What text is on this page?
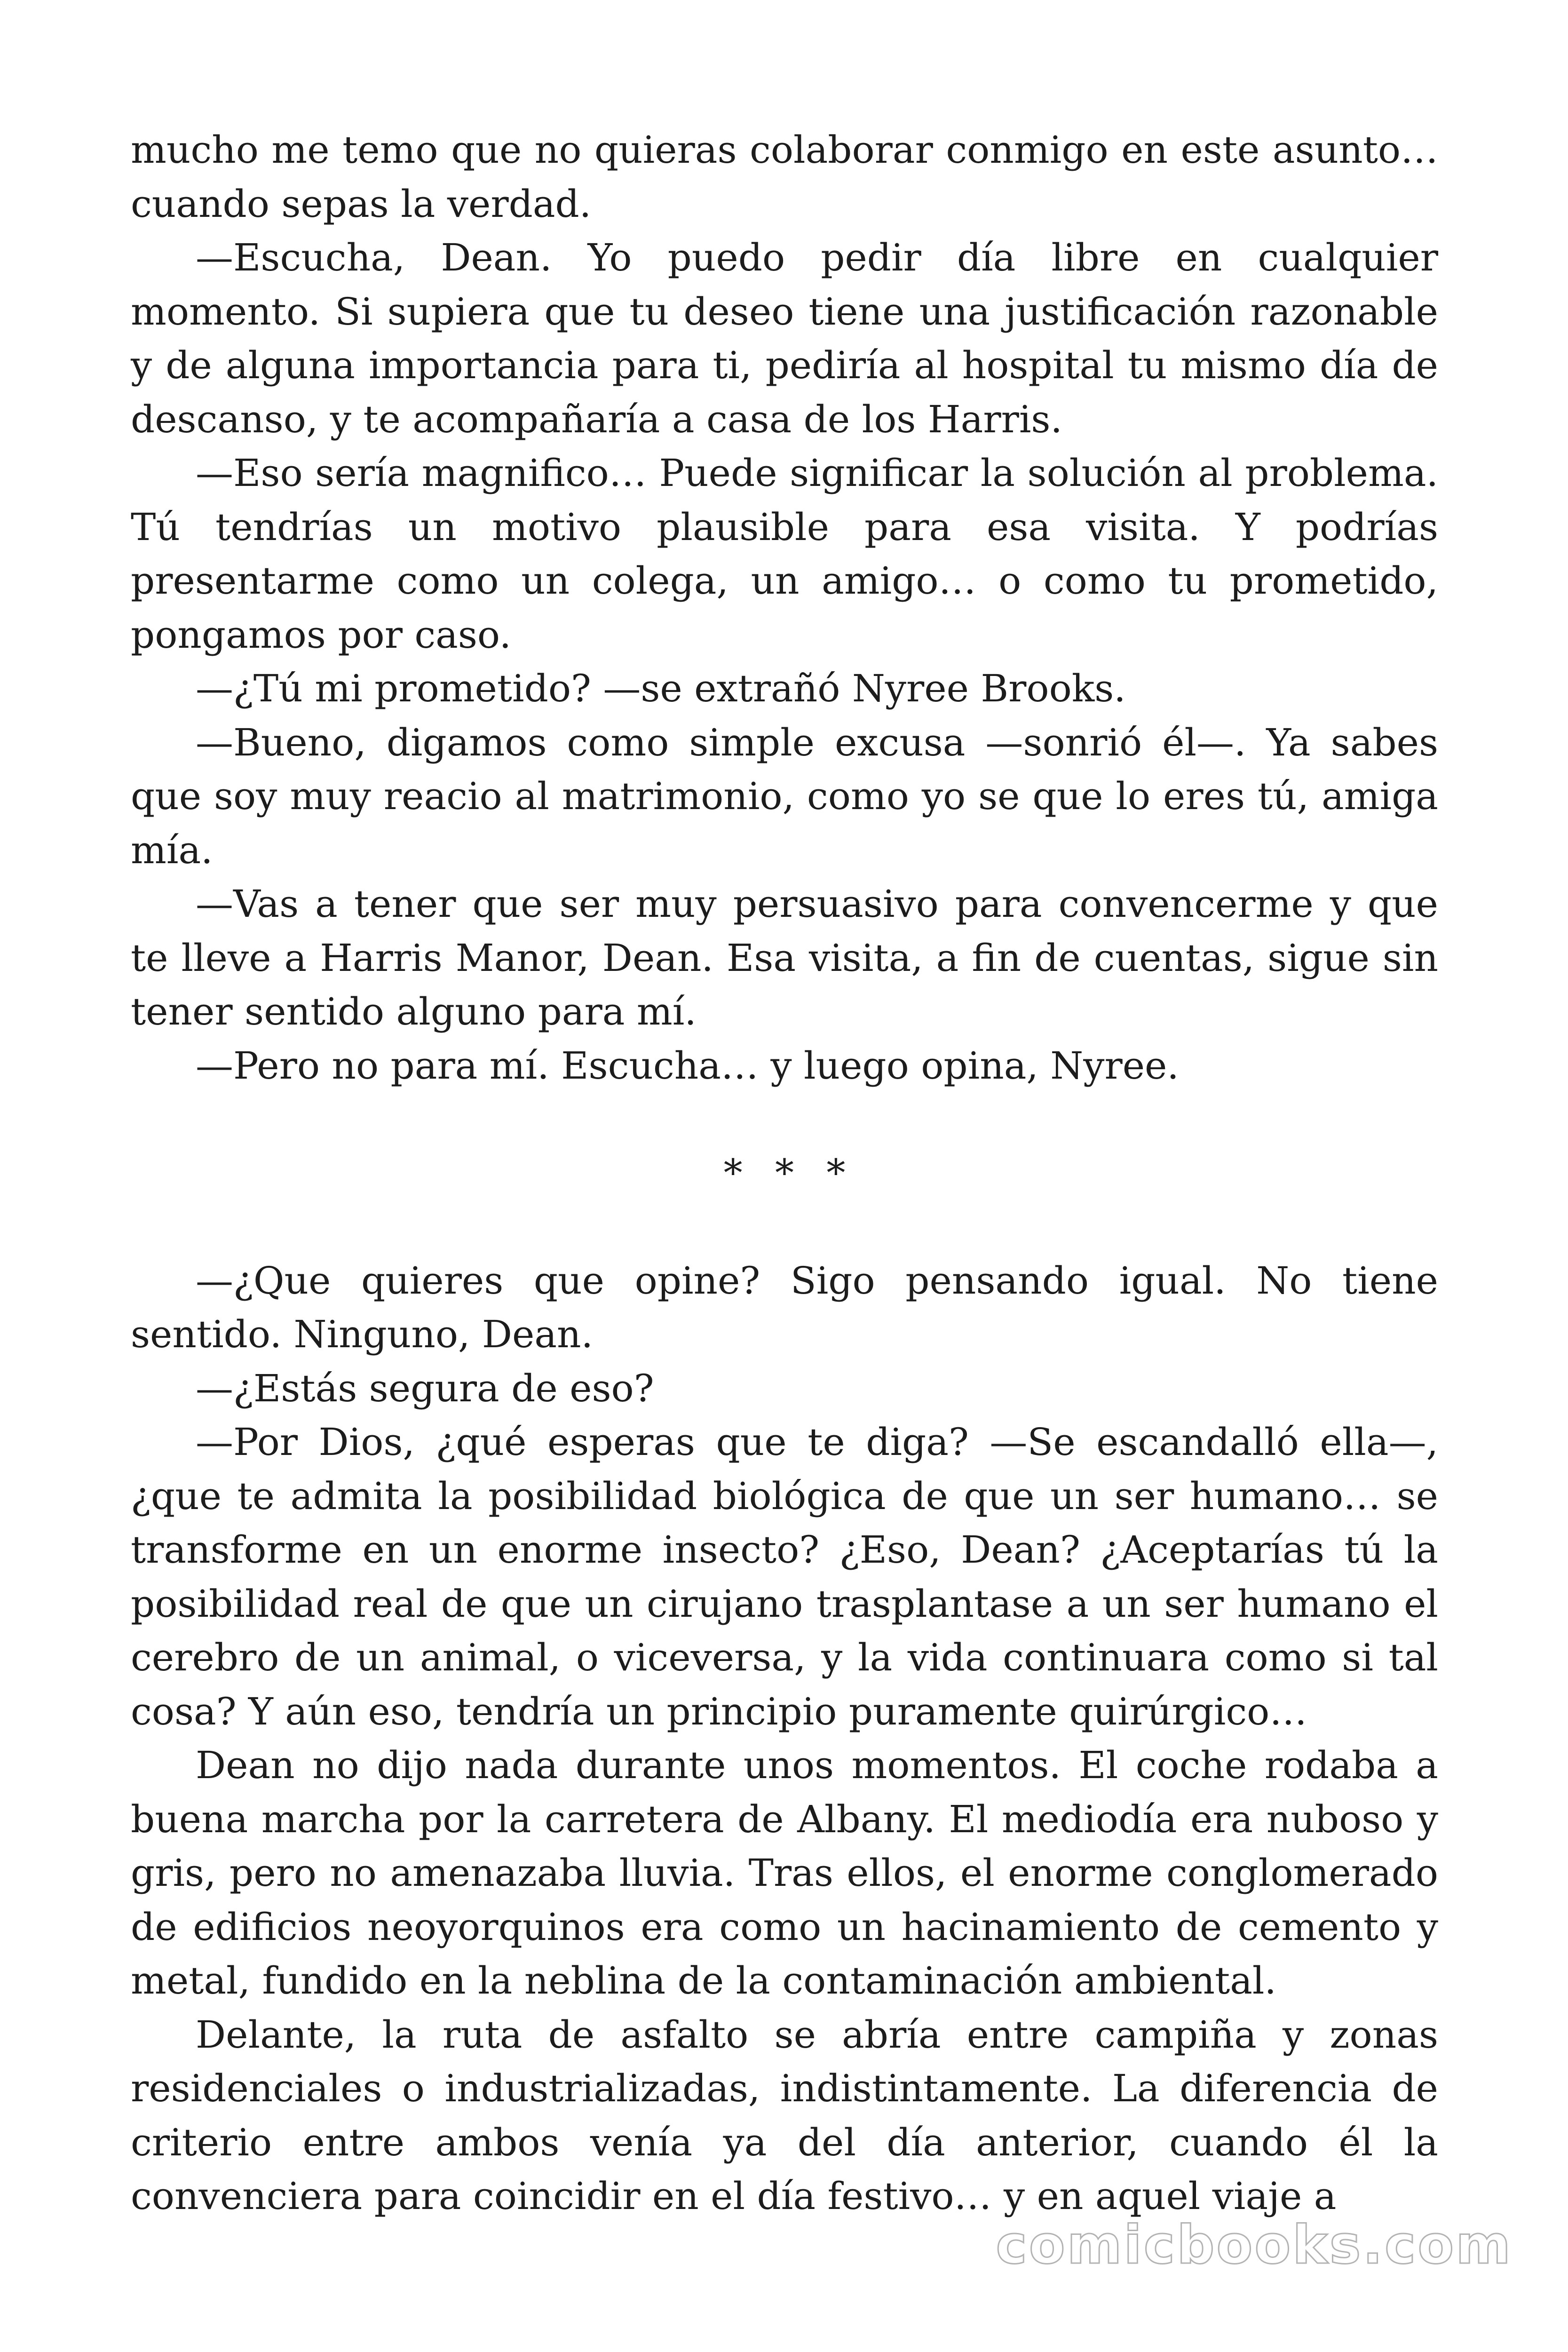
mucho me temo que no quieras colaborar conmigo en este asunto… cuando sepas la verdad.

—Escucha, Dean. Yo puedo pedir día libre en cualquier momento. Si supiera que tu deseo tiene una justificación razonable y de alguna importancia para ti, pediría al hospital tu mismo día de descanso, y te acompañaría a casa de los Harris.

—Eso sería magnifico… Puede significar la solución al problema. Tú tendrías un motivo plausible para esa visita. Y podrías presentarme como un colega, un amigo… o como tu prometido, pongamos por caso.

—¿Tú mi prometido? —se extrañó Nyree Brooks.

—Bueno, digamos como simple excusa —sonrió él—. Ya sabes que soy muy reacio al matrimonio, como yo se que lo eres tú, amiga mía.

—Vas a tener que ser muy persuasivo para convencerme y que te lleve a Harris Manor, Dean. Esa visita, a fin de cuentas, sigue sin tener sentido alguno para mí.

—Pero no para mí. Escucha… y luego opina, Nyree.

* * *

—¿Que quieres que opine? Sigo pensando igual. No tiene sentido. Ninguno, Dean.

—¿Estás segura de eso?

—Por Dios, ¿qué esperas que te diga? —Se escandalló ella—, ¿que te admita la posibilidad biológica de que un ser humano… se transforme en un enorme insecto? ¿Eso, Dean? ¿Aceptarías tú la posibilidad real de que un cirujano trasplantase a un ser humano el cerebro de un animal, o viceversa, y la vida continuara como si tal cosa? Y aún eso, tendría un principio puramente quirúrgico…

Dean no dijo nada durante unos momentos. El coche rodaba a buena marcha por la carretera de Albany. El mediodía era nuboso y gris, pero no amenazaba lluvia. Tras ellos, el enorme conglomerado de edificios neoyorquinos era como un hacinamiento de cemento y metal, fundido en la neblina de la contaminación ambiental.

Delante, la ruta de asfalto se abría entre campiña y zonas residenciales o industrializadas, indistintamente. La diferencia de criterio entre ambos venía ya del día anterior, cuando él la convenciera para coincidir en el día festivo… y en aquel viaje a

comicbooks.com
